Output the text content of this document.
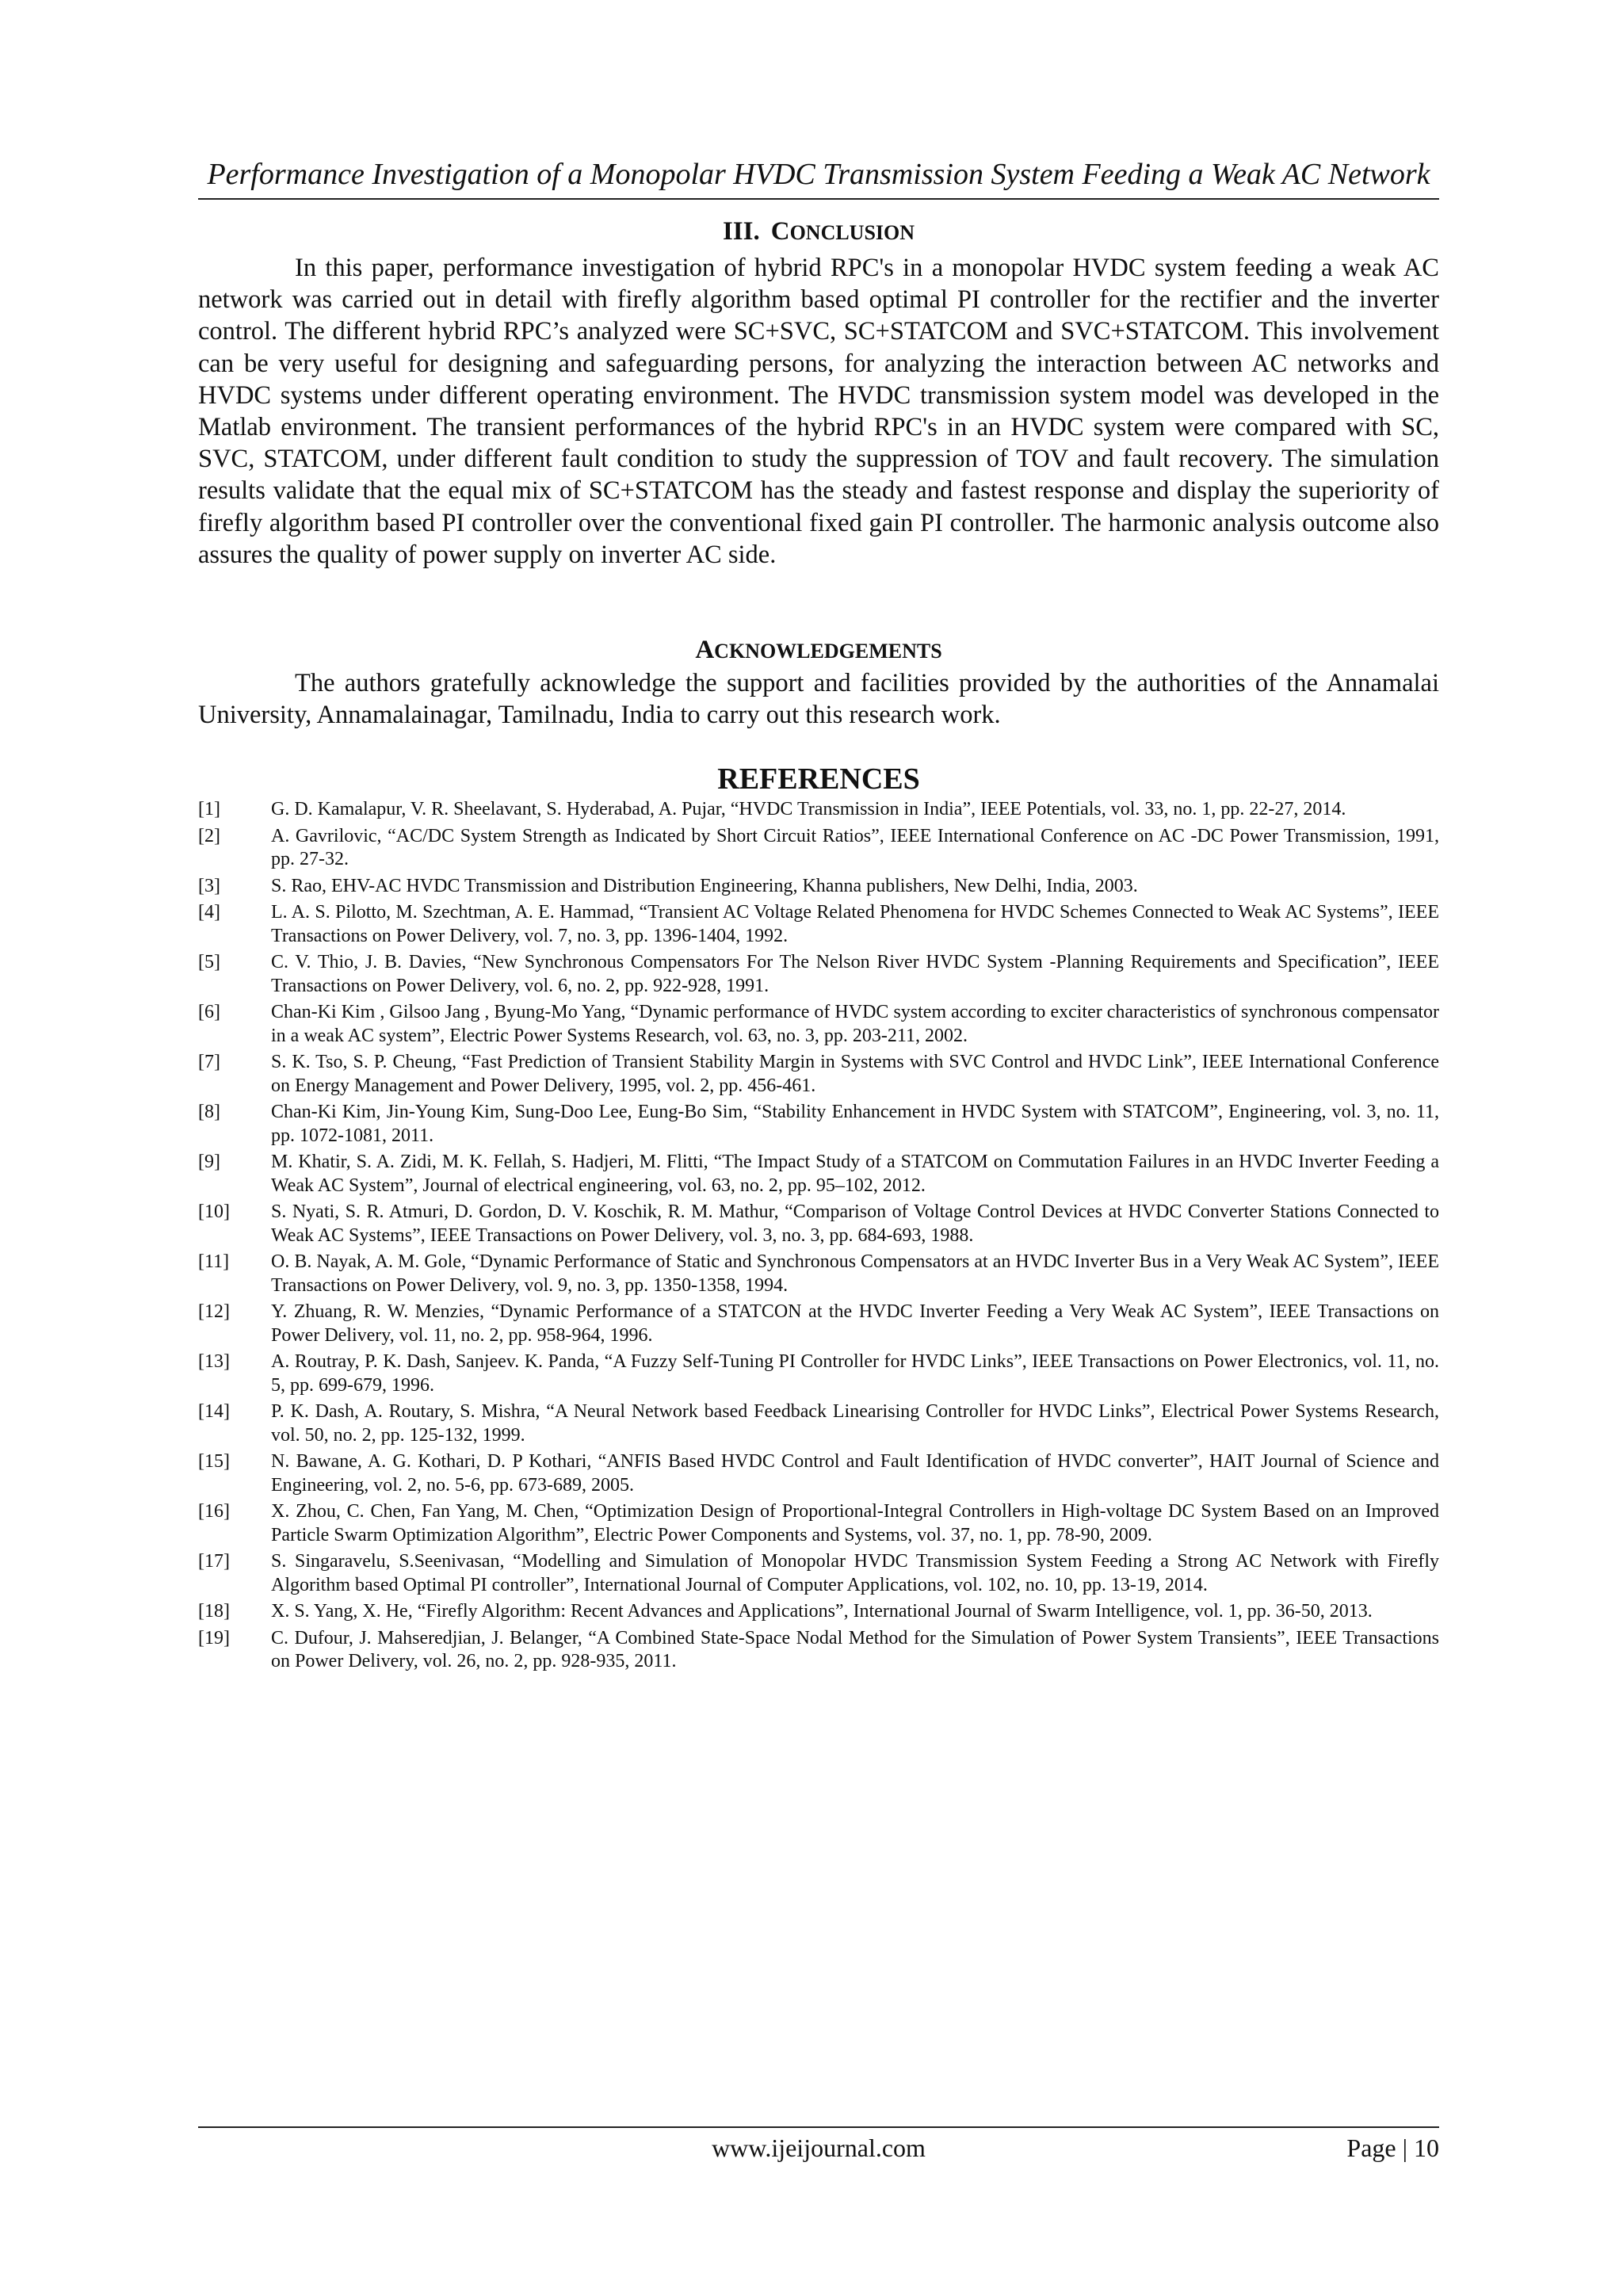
Performance Investigation of a Monopolar HVDC Transmission System Feeding a Weak AC Network
III. CONCLUSION

In this paper, performance investigation of hybrid RPC's in a monopolar HVDC system feeding a weak AC network was carried out in detail with firefly algorithm based optimal PI controller for the rectifier and the inverter control. The different hybrid RPC’s analyzed were SC+SVC, SC+STATCOM and SVC+STATCOM. This involvement can be very useful for designing and safeguarding persons, for analyzing the interaction between AC networks and HVDC systems under different operating environment. The HVDC transmission system model was developed in the Matlab environment. The transient performances of the hybrid RPC's in an HVDC system were compared with SC, SVC, STATCOM, under different fault condition to study the suppression of TOV and fault recovery. The simulation results validate that the equal mix of SC+STATCOM has the steady and fastest response and display the superiority of firefly algorithm based PI controller over the conventional fixed gain PI controller. The harmonic analysis outcome also assures the quality of power supply on inverter AC side.

ACKNOWLEDGEMENTS

The authors gratefully acknowledge the support and facilities provided by the authorities of the Annamalai University, Annamalainagar, Tamilnadu, India to carry out this research work.

REFERENCES
[1]	G. D. Kamalapur, V. R. Sheelavant, S. Hyderabad, A. Pujar, “HVDC Transmission in India”, IEEE Potentials, vol. 33, no. 1, pp. 22-27, 2014.
[2]	A. Gavrilovic, “AC/DC System Strength as Indicated by Short Circuit Ratios”, IEEE International Conference on AC -DC Power Transmission, 1991, pp. 27-32.
[3]	S. Rao, EHV-AC HVDC Transmission and Distribution Engineering, Khanna publishers, New Delhi, India, 2003.
[4]	L. A. S. Pilotto, M. Szechtman, A. E. Hammad, “Transient AC Voltage Related Phenomena for HVDC Schemes Connected to Weak AC Systems”, IEEE Transactions on Power Delivery, vol. 7, no. 3, pp. 1396-1404, 1992.
[5]	C. V. Thio, J. B. Davies, “New Synchronous Compensators For The Nelson River HVDC System -Planning Requirements and Specification”, IEEE Transactions on Power Delivery, vol. 6, no. 2, pp. 922-928, 1991.
[6]	Chan-Ki Kim , Gilsoo Jang , Byung-Mo Yang, “Dynamic performance of HVDC system according to exciter characteristics of synchronous compensator in a weak AC system”, Electric Power Systems Research, vol. 63, no. 3, pp. 203-211, 2002.
[7]	S. K. Tso, S. P. Cheung, “Fast Prediction of Transient Stability Margin in Systems with SVC Control and HVDC Link”, IEEE International Conference on Energy Management and Power Delivery, 1995, vol. 2, pp. 456-461.
[8]	Chan-Ki Kim, Jin-Young Kim, Sung-Doo Lee, Eung-Bo Sim, “Stability Enhancement in HVDC System with STATCOM”, Engineering, vol. 3, no. 11, pp. 1072-1081, 2011.
[9]	M. Khatir, S. A. Zidi, M. K. Fellah, S. Hadjeri, M. Flitti, “The Impact Study of a STATCOM on Commutation Failures in an HVDC Inverter Feeding a Weak AC System”, Journal of electrical engineering, vol. 63, no. 2, pp. 95–102, 2012.
[10]	S. Nyati, S. R. Atmuri, D. Gordon, D. V. Koschik, R. M. Mathur, “Comparison of Voltage Control Devices at HVDC Converter Stations Connected to Weak AC Systems”, IEEE Transactions on Power Delivery, vol. 3, no. 3, pp. 684-693, 1988.
[11]	O. B. Nayak, A. M. Gole, “Dynamic Performance of Static and Synchronous Compensators at an HVDC Inverter Bus in a Very Weak AC System”, IEEE Transactions on Power Delivery, vol. 9, no. 3, pp. 1350-1358, 1994.
[12]	Y. Zhuang, R. W. Menzies, “Dynamic Performance of a STATCON at the HVDC Inverter Feeding a Very Weak AC System”, IEEE Transactions on Power Delivery, vol. 11, no. 2, pp. 958-964, 1996.
[13]	A. Routray, P. K. Dash, Sanjeev. K. Panda, “A Fuzzy Self-Tuning PI Controller for HVDC Links”, IEEE Transactions on Power Electronics, vol. 11, no. 5, pp. 699-679, 1996.
[14]	P. K. Dash, A. Routary, S. Mishra, “A Neural Network based Feedback Linearising Controller for HVDC Links”, Electrical Power Systems Research, vol. 50, no. 2, pp. 125-132, 1999.
[15]	N. Bawane, A. G. Kothari, D. P Kothari, “ANFIS Based HVDC Control and Fault Identification of HVDC converter”, HAIT Journal of Science and Engineering, vol. 2, no. 5-6, pp. 673-689, 2005.
[16]	X. Zhou, C. Chen, Fan Yang, M. Chen, “Optimization Design of Proportional-Integral Controllers in High-voltage DC System Based on an Improved Particle Swarm Optimization Algorithm”, Electric Power Components and Systems, vol. 37, no. 1, pp. 78-90, 2009.
[17]	S. Singaravelu, S.Seenivasan, “Modelling and Simulation of Monopolar HVDC Transmission System Feeding a Strong AC Network with Firefly Algorithm based Optimal PI controller”, International Journal of Computer Applications, vol. 102, no. 10, pp. 13-19, 2014.
[18]	X. S. Yang, X. He, “Firefly Algorithm: Recent Advances and Applications”, International Journal of Swarm Intelligence, vol. 1, pp. 36-50, 2013.
[19]	C. Dufour, J. Mahseredjian, J. Belanger, “A Combined State-Space Nodal Method for the Simulation of Power System Transients”, IEEE Transactions on Power Delivery, vol. 26, no. 2, pp. 928-935, 2011.
www.ijeijournal.com	Page | 10
